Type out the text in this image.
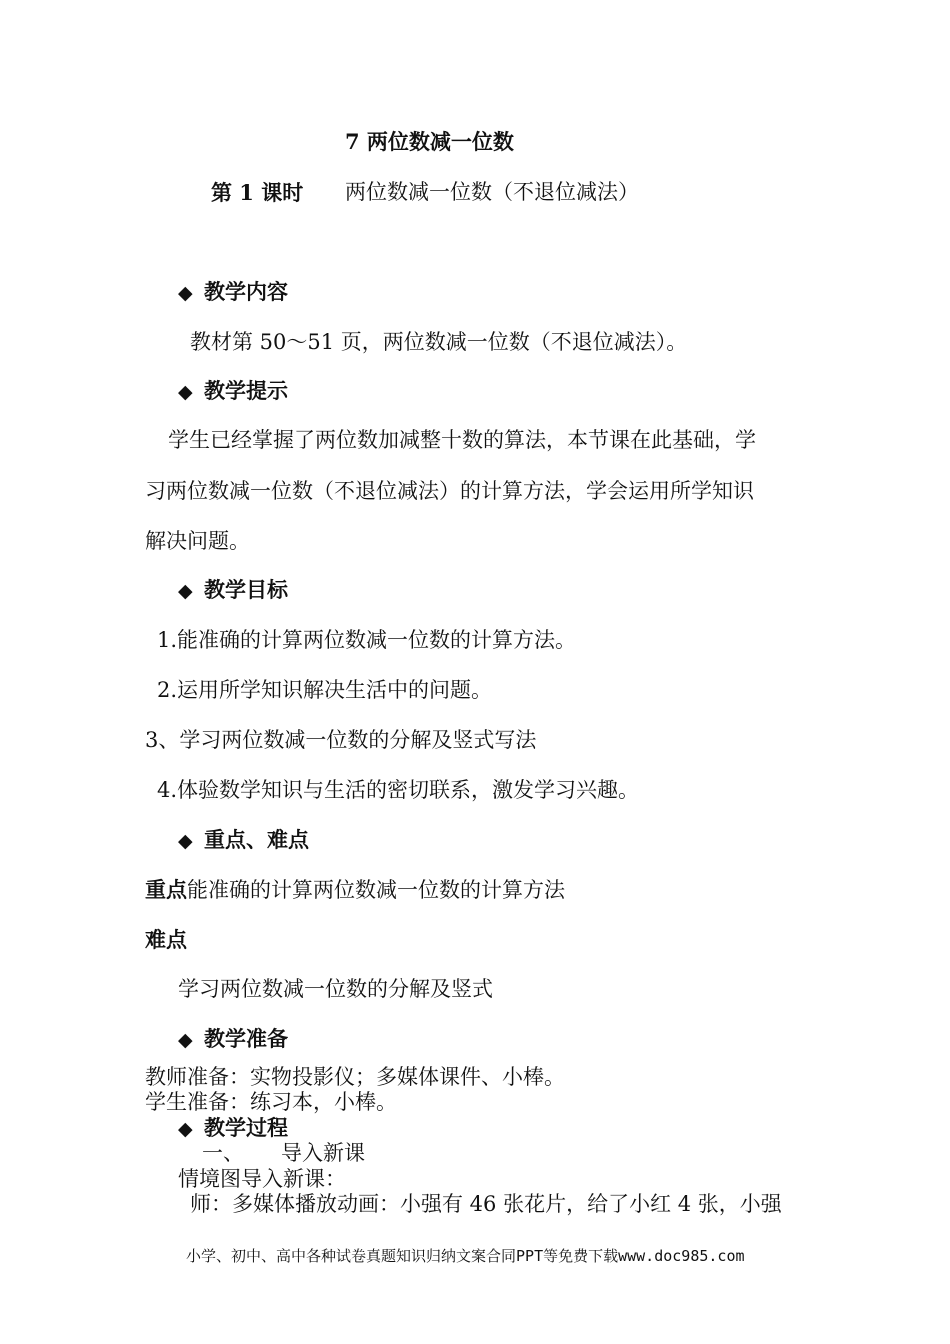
7 两位数减一位数
第 1 课时 两位数减一位数（不退位减法）
◆ 教学内容
教材第 50～51 页，两位数减一位数（不退位减法）。
◆ 教学提示
学生已经掌握了两位数加减整十数的算法，本节课在此基础，学
习两位数减一位数（不退位减法）的计算方法，学会运用所学知识
解决问题。
◆ 教学目标
1.能准确的计算两位数减一位数的计算方法。
2.运用所学知识解决生活中的问题。
3、学习两位数减一位数的分解及竖式写法
4.体验数学知识与生活的密切联系，激发学习兴趣。
◆ 重点、难点
重点能准确的计算两位数减一位数的计算方法
难点
学习两位数减一位数的分解及竖式
◆ 教学准备
教师准备：实物投影仪；多媒体课件、小棒。
学生准备：练习本，小棒。
◆ 教学过程
一、 导入新课
情境图导入新课：
师：多媒体播放动画：小强有 46 张花片，给了小红 4 张，小强
小学、初中、高中各种试卷真题知识归纳文案合同PPT等免费下载www.doc985.com
